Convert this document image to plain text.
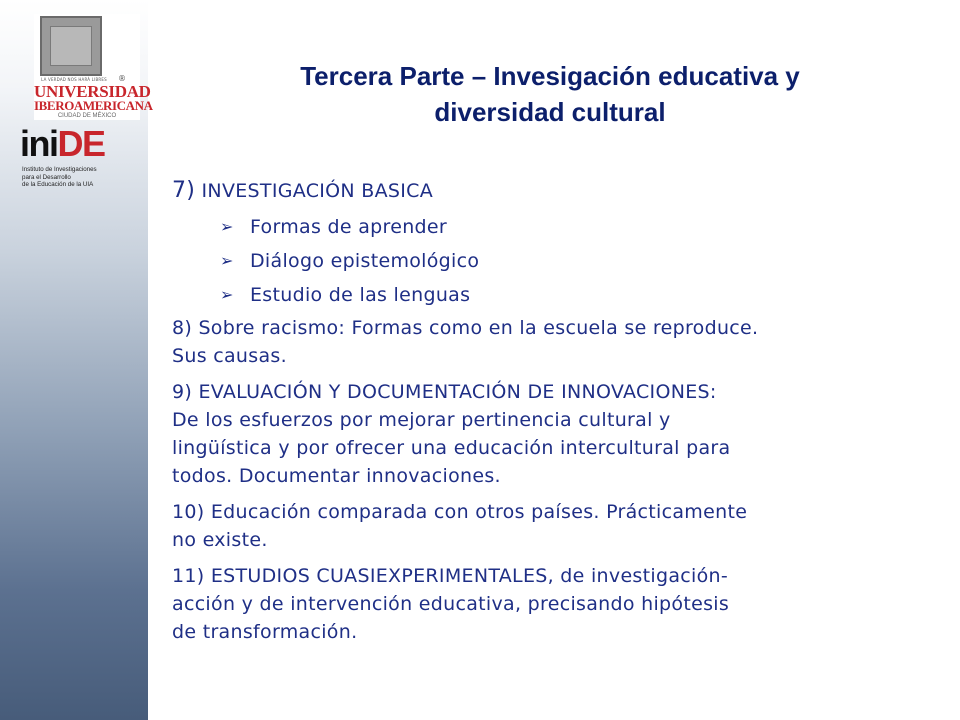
LA VERDAD NOS HARÁ LIBRES	®
UNIVERSIDAD
IBEROAMERICANA
CIUDAD DE MÉXICO
iniDE
Instituto de Investigaciones
para el Desarrollo
de la Educación de la UIA
Tercera Parte – Invesigación educativa y
diversidad cultural

7) INVESTIGACIÓN BASICA

➢ Formas de aprender
➢ Diálogo epistemológico
➢ Estudio de las lenguas

8) Sobre racismo: Formas como en la escuela se reproduce.
Sus causas.

9) EVALUACIÓN Y DOCUMENTACIÓN DE INNOVACIONES:
De los esfuerzos por mejorar pertinencia cultural y
lingüística y por ofrecer una educación intercultural para
todos. Documentar innovaciones.

10) Educación comparada con otros países. Prácticamente
no existe.

11) ESTUDIOS CUASIEXPERIMENTALES, de investigación-
acción y de intervención educativa, precisando hipótesis
de transformación.
